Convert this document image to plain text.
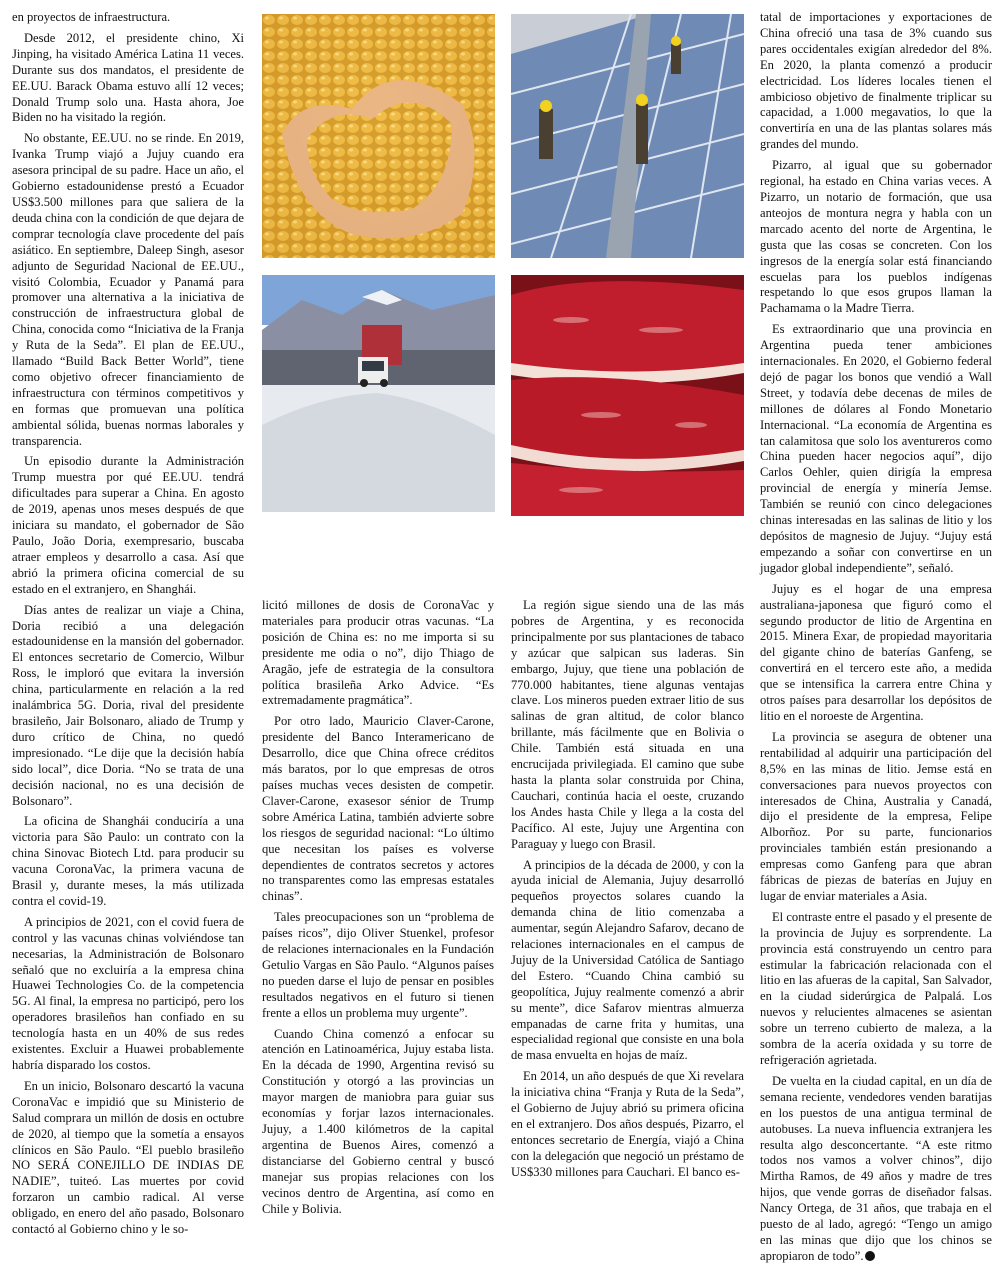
en proyectos de infraestructura.

Desde 2012, el presidente chino, Xi Jinping, ha visitado América Latina 11 veces. Durante sus dos mandatos, el presidente de EE.UU. Barack Obama estuvo allí 12 veces; Donald Trump solo una. Hasta ahora, Joe Biden no ha visitado la región.

No obstante, EE.UU. no se rinde. En 2019, Ivanka Trump viajó a Jujuy cuando era asesora principal de su padre. Hace un año, el Gobierno estadounidense prestó a Ecuador US$3.500 millones para que saliera de la deuda china con la condición de que dejara de comprar tecnología clave procedente del país asiático. En septiembre, Daleep Singh, asesor adjunto de Seguridad Nacional de EE.UU., visitó Colombia, Ecuador y Panamá para promover una alternativa a la iniciativa de construcción de infraestructura global de China, conocida como “Iniciativa de la Franja y Ruta de la Seda”. El plan de EE.UU., llamado “Build Back Better World”, tiene como objetivo ofrecer financiamiento de infraestructura con términos competitivos y en formas que promuevan una política ambiental sólida, buenas normas laborales y transparencia.

Un episodio durante la Administración Trump muestra por qué EE.UU. tendrá dificultades para superar a China. En agosto de 2019, apenas unos meses después de que iniciara su mandato, el gobernador de São Paulo, João Doria, exempresario, buscaba atraer empleos y desarrollo a casa. Así que abrió la primera oficina comercial de su estado en el extranjero, en Shanghái.

Días antes de realizar un viaje a China, Doria recibió a una delegación estadounidense en la mansión del gobernador. El entonces secretario de Comercio, Wilbur Ross, le imploró que evitara la inversión china, particularmente en relación a la red inalámbrica 5G. Doria, rival del presidente brasileño, Jair Bolsonaro, aliado de Trump y duro crítico de China, no quedó impresionado. “Le dije que la decisión había sido local”, dice Doria. “No se trata de una decisión nacional, no es una decisión de Bolsonaro”.

La oficina de Shanghái conduciría a una victoria para São Paulo: un contrato con la china Sinovac Biotech Ltd. para producir su vacuna CoronaVac, la primera vacuna de Brasil y, durante meses, la más utilizada contra el covid-19.

A principios de 2021, con el covid fuera de control y las vacunas chinas volviéndose tan necesarias, la Administración de Bolsonaro señaló que no excluiría a la empresa china Huawei Technologies Co. de la competencia 5G. Al final, la empresa no participó, pero los operadores brasileños han confiado en su tecnología hasta en un 40% de sus redes existentes. Excluir a Huawei probablemente habría disparado los costos.

En un inicio, Bolsonaro descartó la vacuna CoronaVac e impidió que su Ministerio de Salud comprara un millón de dosis en octubre de 2020, al tiempo que la sometía a ensayos clínicos en São Paulo. “El pueblo brasileño NO SERÁ CONEJILLO DE INDIAS DE NADIE”, tuiteó. Las muertes por covid forzaron un cambio radical. Al verse obligado, en enero del año pasado, Bolsonaro contactó al Gobierno chino y le so-

licitó millones de dosis de CoronaVac y materiales para producir otras vacunas. “La posición de China es: no me importa si su presidente me odia o no”, dijo Thiago de Aragão, jefe de estrategia de la consultora política brasileña Arko Advice. “Es extremadamente pragmática”.

Por otro lado, Mauricio Claver-Carone, presidente del Banco Interamericano de Desarrollo, dice que China ofrece créditos más baratos, por lo que empresas de otros países muchas veces desisten de competir. Claver-Carone, exasesor sénior de Trump sobre América Latina, también advierte sobre los riesgos de seguridad nacional: “Lo último que necesitan los países es volverse dependientes de contratos secretos y actores no transparentes como las empresas estatales chinas”.

Tales preocupaciones son un “problema de países ricos”, dijo Oliver Stuenkel, profesor de relaciones internacionales en la Fundación Getulio Vargas en São Paulo. “Algunos países no pueden darse el lujo de pensar en posibles resultados negativos en el futuro si tienen frente a ellos un problema muy urgente”.

Cuando China comenzó a enfocar su atención en Latinoamérica, Jujuy estaba lista. En la década de 1990, Argentina revisó su Constitución y otorgó a las provincias un mayor margen de maniobra para guiar sus economías y forjar lazos internacionales. Jujuy, a 1.400 kilómetros de la capital argentina de Buenos Aires, comenzó a distanciarse del Gobierno central y buscó manejar sus propias relaciones con los vecinos dentro de Argentina, así como en Chile y Bolivia.

La región sigue siendo una de las más pobres de Argentina, y es reconocida principalmente por sus plantaciones de tabaco y azúcar que salpican sus laderas. Sin embargo, Jujuy, que tiene una población de 770.000 habitantes, tiene algunas ventajas clave. Los mineros pueden extraer litio de sus salinas de gran altitud, de color blanco brillante, más fácilmente que en Bolivia o Chile. También está situada en una encrucijada privilegiada. El camino que sube hasta la planta solar construida por China, Cauchari, continúa hacia el oeste, cruzando los Andes hasta Chile y llega a la costa del Pacífico. Al este, Jujuy une Argentina con Paraguay y luego con Brasil.

A principios de la década de 2000, y con la ayuda inicial de Alemania, Jujuy desarrolló pequeños proyectos solares cuando la demanda china de litio comenzaba a aumentar, según Alejandro Safarov, decano de relaciones internacionales en el campus de Jujuy de la Universidad Católica de Santiago del Estero. “Cuando China cambió su geopolítica, Jujuy realmente comenzó a abrir su mente”, dice Safarov mientras almuerza empanadas de carne frita y humitas, una especialidad regional que consiste en una bola de masa envuelta en hojas de maíz.

En 2014, un año después de que Xi revelara la iniciativa china “Franja y Ruta de la Seda”, el Gobierno de Jujuy abrió su primera oficina en el extranjero. Dos años después, Pizarro, el entonces secretario de Energía, viajó a China con la delegación que negoció un préstamo de US$330 millones para Cauchari. El banco es-

tatal de importaciones y exportaciones de China ofreció una tasa de 3% cuando sus pares occidentales exigían alrededor del 8%. En 2020, la planta comenzó a producir electricidad. Los líderes locales tienen el ambicioso objetivo de finalmente triplicar su capacidad, a 1.000 megavatios, lo que la convertiría en una de las plantas solares más grandes del mundo.

Pizarro, al igual que su gobernador regional, ha estado en China varias veces. A Pizarro, un notario de formación, que usa anteojos de montura negra y habla con un marcado acento del norte de Argentina, le gusta que las cosas se concreten. Con los ingresos de la energía solar está financiando escuelas para los pueblos indígenas respetando lo que esos grupos llaman la Pachamama o la Madre Tierra.

Es extraordinario que una provincia en Argentina pueda tener ambiciones internacionales. En 2020, el Gobierno federal dejó de pagar los bonos que vendió a Wall Street, y todavía debe decenas de miles de millones de dólares al Fondo Monetario Internacional. “La economía de Argentina es tan calamitosa que solo los aventureros como China pueden hacer negocios aquí”, dijo Carlos Oehler, quien dirigía la empresa provincial de energía y minería Jemse. También se reunió con cinco delegaciones chinas interesadas en las salinas de litio y los depósitos de magnesio de Jujuy. “Jujuy está empezando a soñar con convertirse en un jugador global independiente”, señaló.

Jujuy es el hogar de una empresa australiana-japonesa que figuró como el segundo productor de litio de Argentina en 2015. Minera Exar, de propiedad mayoritaria del gigante chino de baterías Ganfeng, se convertirá en el tercero este año, a medida que se intensifica la carrera entre China y otros países para desarrollar los depósitos de litio en el noroeste de Argentina.

La provincia se asegura de obtener una rentabilidad al adquirir una participación del 8,5% en las minas de litio. Jemse está en conversaciones para nuevos proyectos con interesados de China, Australia y Canadá, dijo el presidente de la empresa, Felipe Alborñoz. Por su parte, funcionarios provinciales también están presionando a empresas como Ganfeng para que abran fábricas de piezas de baterías en Jujuy en lugar de enviar materiales a Asia.

El contraste entre el pasado y el presente de la provincia de Jujuy es sorprendente. La provincia está construyendo un centro para estimular la fabricación relacionada con el litio en las afueras de la capital, San Salvador, en la ciudad siderúrgica de Palpalá. Los nuevos y relucientes almacenes se asientan sobre un terreno cubierto de maleza, a la sombra de la acería oxidada y su torre de refrigeración agrietada.

De vuelta en la ciudad capital, en un día de semana reciente, vendedores venden baratijas en los puestos de una antigua terminal de autobuses. La nueva influencia extranjera les resulta algo desconcertante. “A este ritmo todos nos vamos a volver chinos”, dijo Mirtha Ramos, de 49 años y madre de tres hijos, que vende gorras de diseñador falsas. Nancy Ortega, de 31 años, que trabaja en el puesto de al lado, agregó: “Tengo un amigo en las minas que dijo que los chinos se apropiaron de todo”.
